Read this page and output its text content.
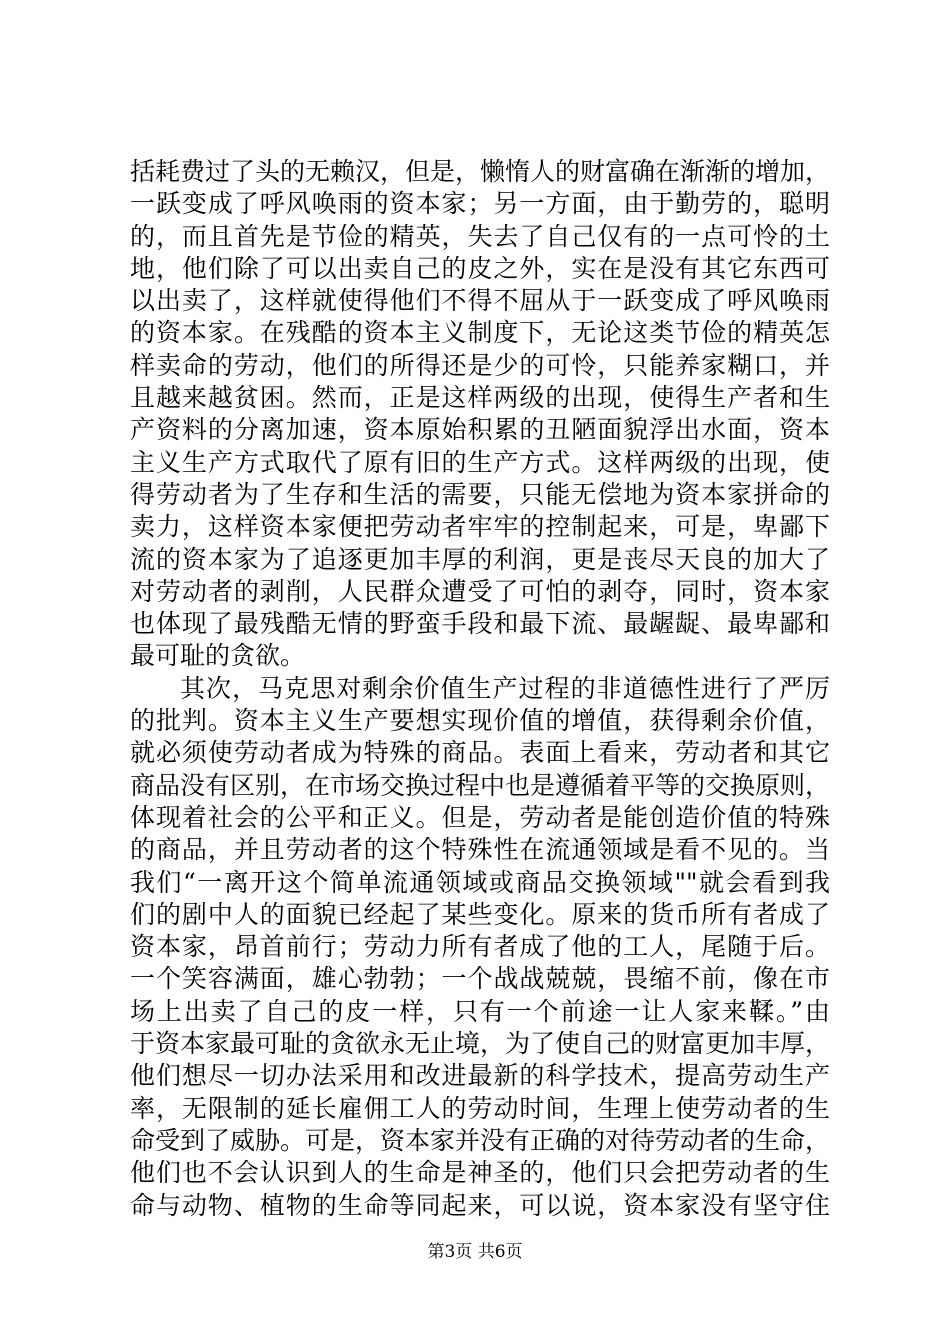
括耗费过了头的无赖汉，但是，懒惰人的财富确在渐渐的增加，
一跃变成了呼风唤雨的资本家；另一方面，由于勤劳的，聪明
的，而且首先是节俭的精英，失去了自己仅有的一点可怜的土
地，他们除了可以出卖自己的皮之外，实在是没有其它东西可
以出卖了，这样就使得他们不得不屈从于一跃变成了呼风唤雨
的资本家。在残酷的资本主义制度下，无论这类节俭的精英怎
样卖命的劳动，他们的所得还是少的可怜，只能养家糊口，并
且越来越贫困。然而，正是这样两级的出现，使得生产者和生
产资料的分离加速，资本原始积累的丑陋面貌浮出水面，资本
主义生产方式取代了原有旧的生产方式。这样两级的出现，使
得劳动者为了生存和生活的需要，只能无偿地为资本家拼命的
卖力，这样资本家便把劳动者牢牢的控制起来，可是，卑鄙下
流的资本家为了追逐更加丰厚的利润，更是丧尽天良的加大了
对劳动者的剥削，人民群众遭受了可怕的剥夺，同时，资本家
也体现了最残酷无情的野蛮手段和最下流、最龌龊、最卑鄙和
最可耻的贪欲。
其次，马克思对剩余价值生产过程的非道德性进行了严厉
的批判。资本主义生产要想实现价值的增值，获得剩余价值，
就必须使劳动者成为特殊的商品。表面上看来，劳动者和其它
商品没有区别，在市场交换过程中也是遵循着平等的交换原则，
体现着社会的公平和正义。但是，劳动者是能创造价值的特殊
的商品，并且劳动者的这个特殊性在流通领域是看不见的。当
我们“一离开这个简单流通领域或商品交换领域""就会看到我
们的剧中人的面貌已经起了某些变化。原来的货币所有者成了
资本家，昂首前行；劳动力所有者成了他的工人，尾随于后。
一个笑容满面，雄心勃勃；一个战战兢兢，畏缩不前，像在市
场上出卖了自己的皮一样，只有一个前途一让人家来鞣。”由
于资本家最可耻的贪欲永无止境，为了使自己的财富更加丰厚，
他们想尽一切办法采用和改进最新的科学技术，提高劳动生产
率，无限制的延长雇佣工人的劳动时间，生理上使劳动者的生
命受到了威胁。可是，资本家并没有正确的对待劳动者的生命，
他们也不会认识到人的生命是神圣的，他们只会把劳动者的生
命与动物、植物的生命等同起来，可以说，资本家没有坚守住
第3页 共6页
